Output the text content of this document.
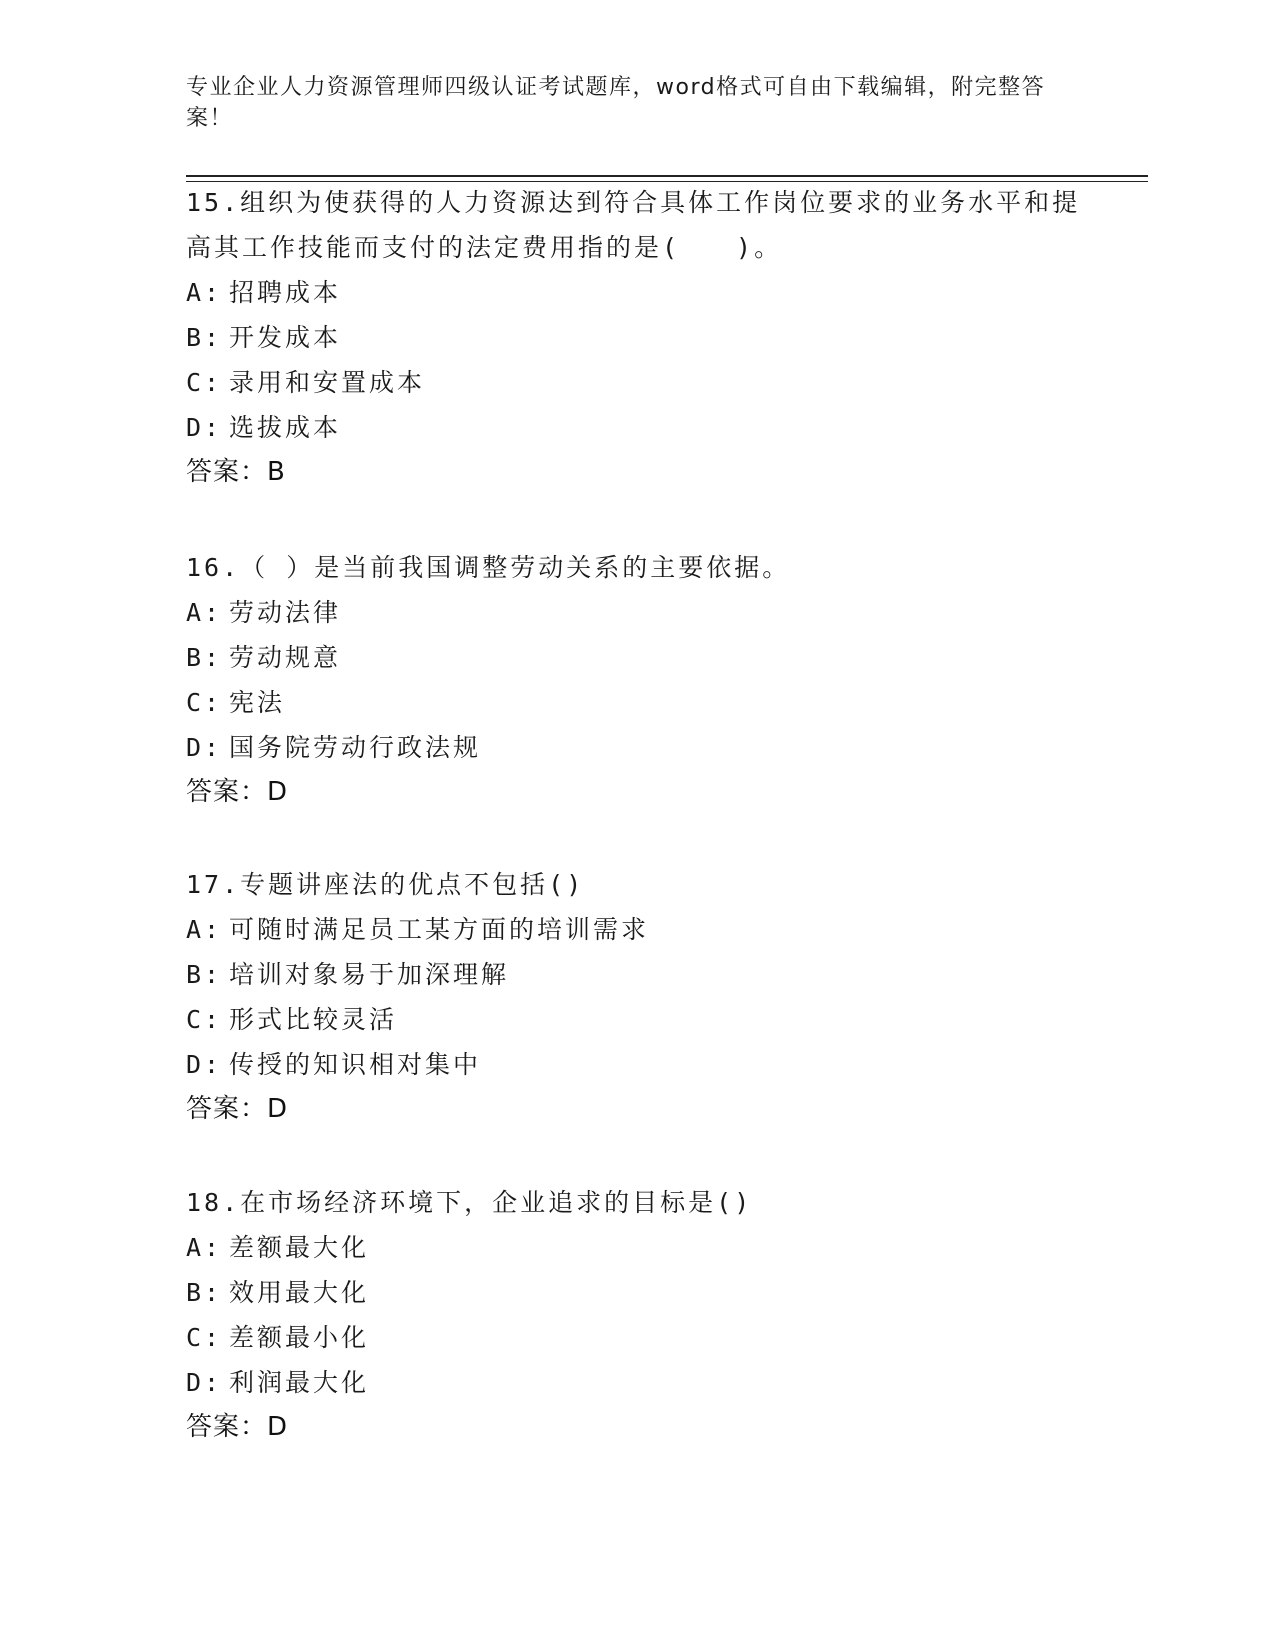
专业企业人力资源管理师四级认证考试题库，word格式可自由下载编辑，附完整答案！

15.组织为使获得的人力资源达到符合具体工作岗位要求的业务水平和提高其工作技能而支付的法定费用指的是(　　)。

A: 招聘成本
B: 开发成本
C: 录用和安置成本
D: 选拔成本
答案：B

16.（ ）是当前我国调整劳动关系的主要依据。

A: 劳动法律
B: 劳动规意
C: 宪法
D: 国务院劳动行政法规
答案：D

17.专题讲座法的优点不包括()

A: 可随时满足员工某方面的培训需求
B: 培训对象易于加深理解
C: 形式比较灵活
D: 传授的知识相对集中
答案：D

18.在市场经济环境下，企业追求的目标是()

A: 差额最大化
B: 效用最大化
C: 差额最小化
D: 利润最大化
答案：D
